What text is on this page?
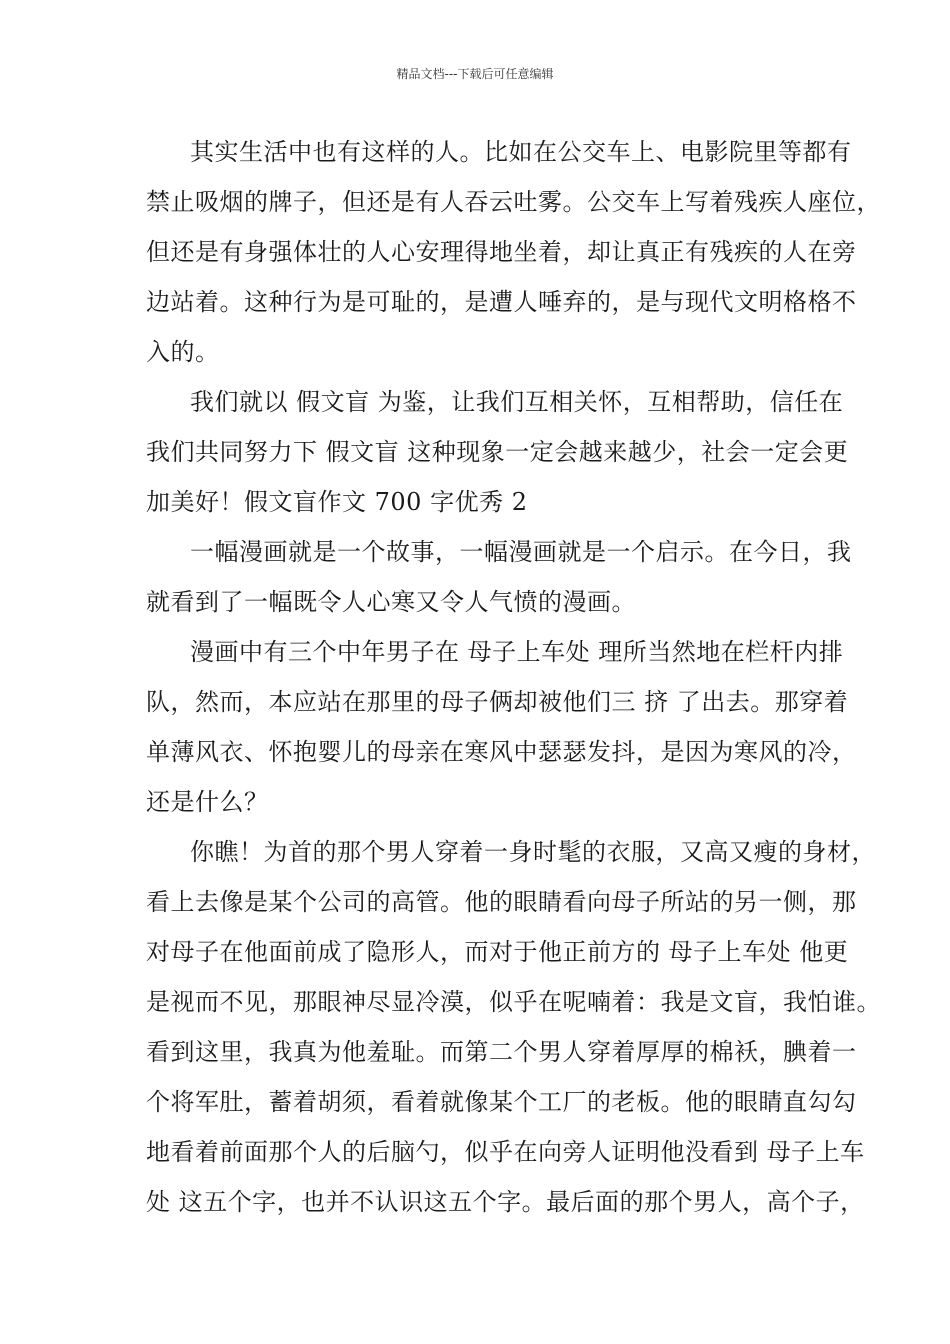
精品文档---下载后可任意编辑
其实生活中也有这样的人。比如在公交车上、电影院里等都有
禁止吸烟的牌子，但还是有人吞云吐雾。公交车上写着残疾人座位，
但还是有身强体壮的人心安理得地坐着，却让真正有残疾的人在旁
边站着。这种行为是可耻的，是遭人唾弃的，是与现代文明格格不
入的。
我们就以 假文盲 为鉴，让我们互相关怀，互相帮助，信任在
我们共同努力下 假文盲 这种现象一定会越来越少，社会一定会更
加美好！假文盲作文 700 字优秀 2
一幅漫画就是一个故事，一幅漫画就是一个启示。在今日，我
就看到了一幅既令人心寒又令人气愤的漫画。
漫画中有三个中年男子在 母子上车处 理所当然地在栏杆内排
队，然而，本应站在那里的母子俩却被他们三 挤 了出去。那穿着
单薄风衣、怀抱婴儿的母亲在寒风中瑟瑟发抖，是因为寒风的冷，
还是什么？
你瞧！为首的那个男人穿着一身时髦的衣服，又高又瘦的身材，
看上去像是某个公司的高管。他的眼睛看向母子所站的另一侧，那
对母子在他面前成了隐形人，而对于他正前方的 母子上车处 他更
是视而不见，那眼神尽显冷漠，似乎在呢喃着：我是文盲，我怕谁。
看到这里，我真为他羞耻。而第二个男人穿着厚厚的棉袄，腆着一
个将军肚，蓄着胡须，看着就像某个工厂的老板。他的眼睛直勾勾
地看着前面那个人的后脑勺，似乎在向旁人证明他没看到 母子上车
处 这五个字，也并不认识这五个字。最后面的那个男人，高个子，
